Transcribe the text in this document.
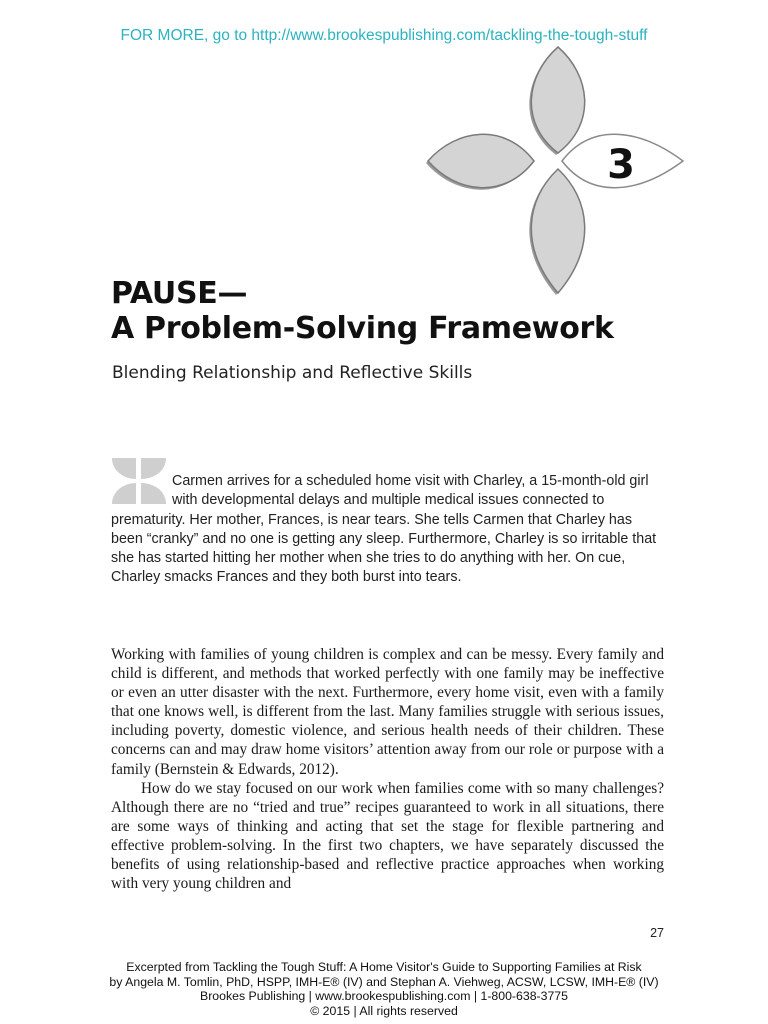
FOR MORE, go to http://www.brookespublishing.com/tackling-the-tough-stuff
3
PAUSE—
A Problem-Solving Framework
Blending Relationship and Reflective Skills
Carmen arrives for a scheduled home visit with Charley, a 15-month-old girl with developmental delays and multiple medical issues connected to prematurity. Her mother, Frances, is near tears. She tells Carmen that Charley has been “cranky” and no one is getting any sleep. Furthermore, Charley is so irritable that she has started hitting her mother when she tries to do anything with her. On cue, Charley smacks Frances and they both burst into tears.

Working with families of young children is complex and can be messy. Every family and child is different, and methods that worked perfectly with one family may be ineffective or even an utter disaster with the next. Furthermore, every home visit, even with a family that one knows well, is different from the last. Many families struggle with serious issues, including poverty, domestic violence, and serious health needs of their children. These concerns can and may draw home visitors’ attention away from our role or purpose with a family (Bernstein & Edwards, 2012).

How do we stay focused on our work when families come with so many challenges? Although there are no “tried and true” recipes guaranteed to work in all situations, there are some ways of thinking and acting that set the stage for flexible partnering and effective problem-solving. In the first two chapters, we have separately discussed the benefits of using relationship-based and reflective practice approaches when working with very young children and

27
Excerpted from Tackling the Tough Stuff: A Home Visitor's Guide to Supporting Families at Risk
by Angela M. Tomlin, PhD, HSPP, IMH-E® (IV) and Stephan A. Viehweg, ACSW, LCSW, IMH-E® (IV)
Brookes Publishing | www.brookespublishing.com | 1-800-638-3775
© 2015 | All rights reserved
